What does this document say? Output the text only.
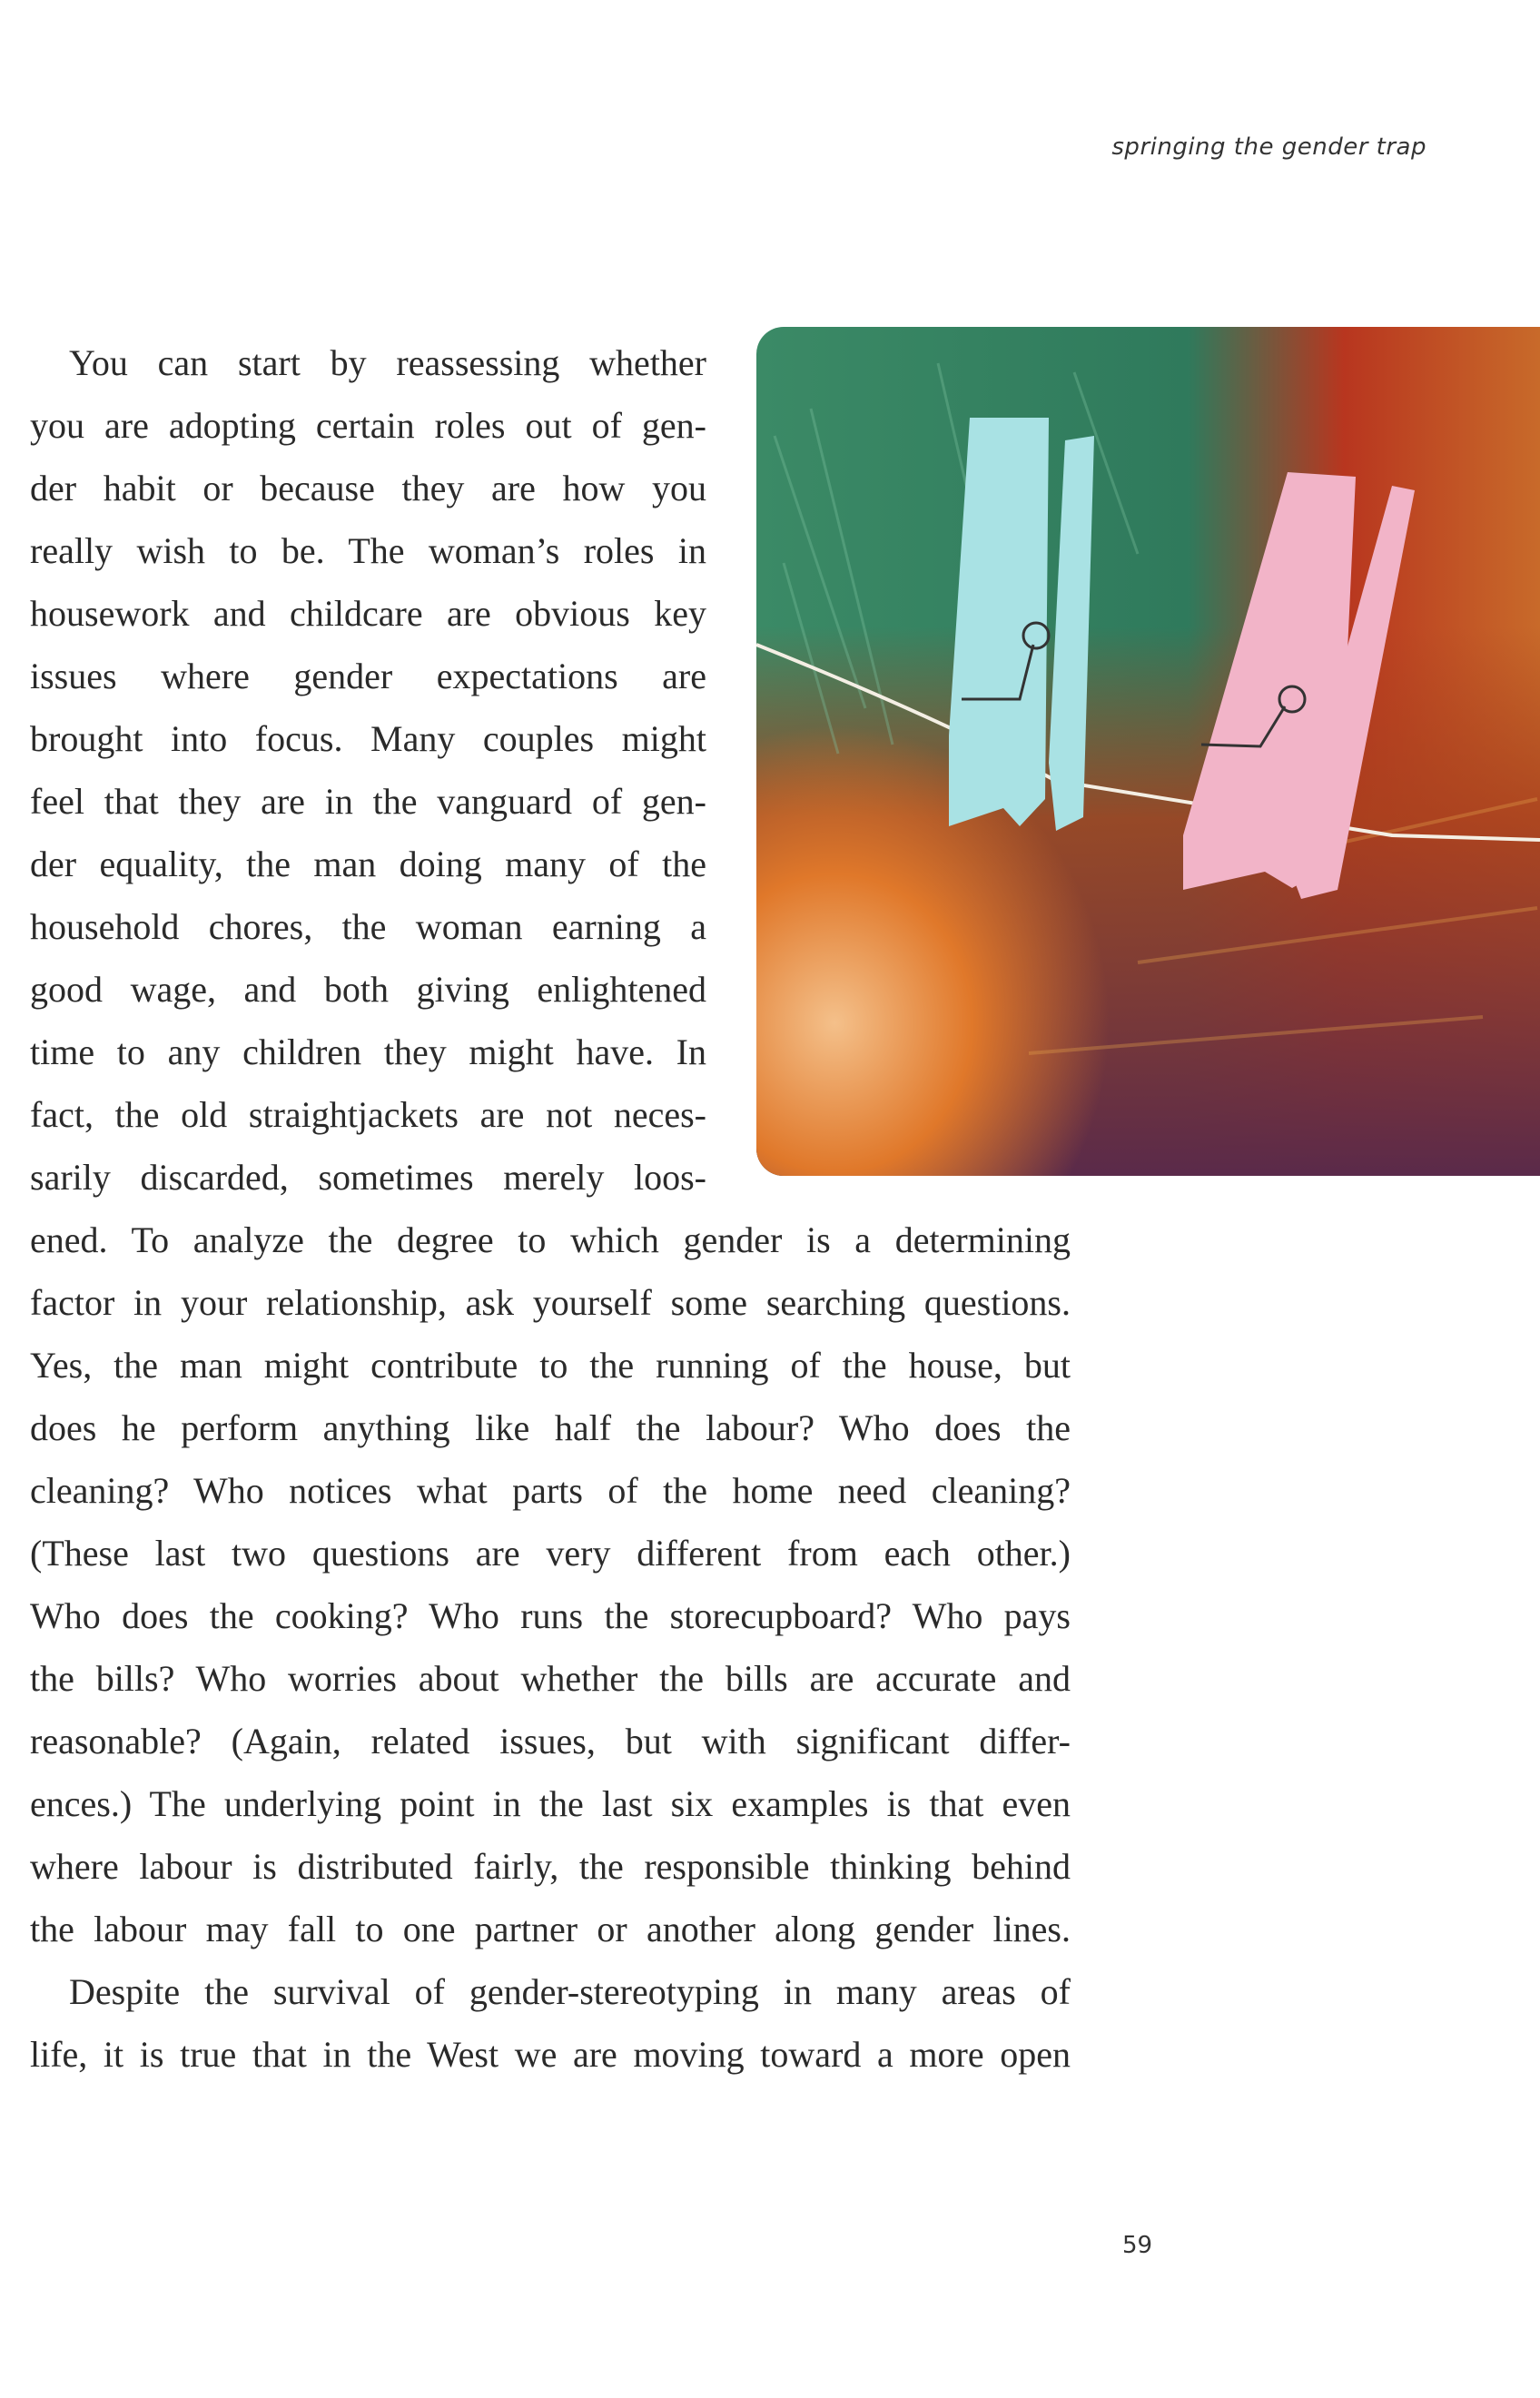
springing the gender trap
You can start by reassessing whether
you are adopting certain roles out of gen-
der habit or because they are how you
really wish to be. The woman’s roles in
housework and childcare are obvious key
issues where gender expectations are
brought into focus. Many couples might
feel that they are in the vanguard of gen-
der equality, the man doing many of the
household chores, the woman earning a
good wage, and both giving enlightened
time to any children they might have. In
fact, the old straightjackets are not neces-
sarily discarded, sometimes merely loos-
ened. To analyze the degree to which gender is a determining
factor in your relationship, ask yourself some searching questions.
Yes, the man might contribute to the running of the house, but
does he perform anything like half the labour? Who does the
cleaning? Who notices what parts of the home need cleaning?
(These last two questions are very different from each other.)
Who does the cooking? Who runs the storecupboard? Who pays
the bills? Who worries about whether the bills are accurate and
reasonable? (Again, related issues, but with significant differ-
ences.) The underlying point in the last six examples is that even
where labour is distributed fairly, the responsible thinking behind
the labour may fall to one partner or another along gender lines.
Despite the survival of gender-stereotyping in many areas of
life, it is true that in the West we are moving toward a more open
59
